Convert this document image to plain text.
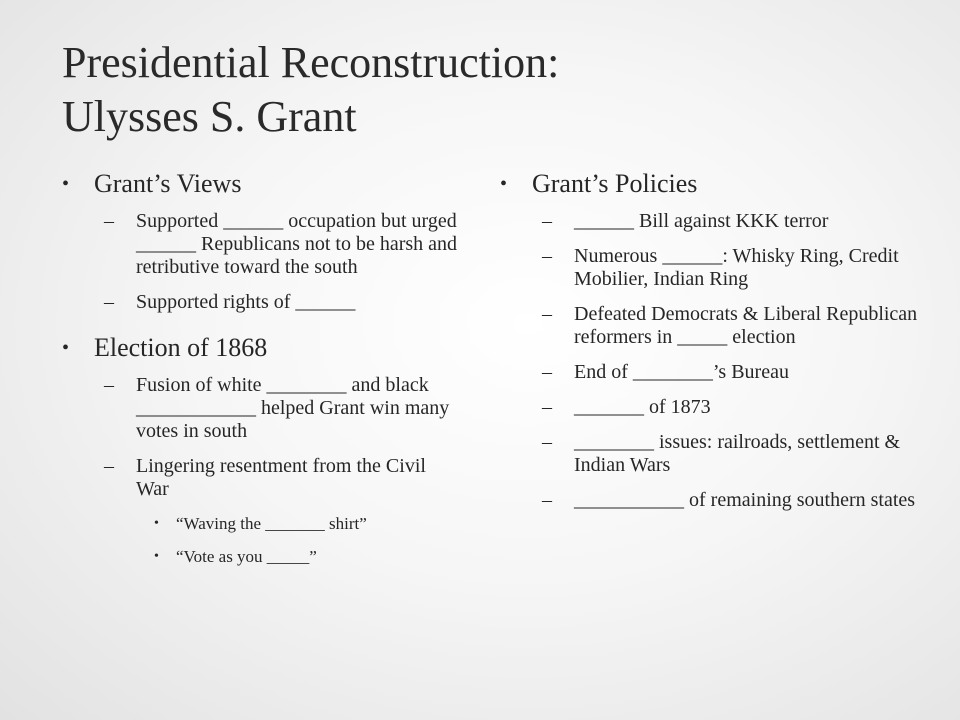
Presidential Reconstruction:
Ulysses S. Grant
• Grant’s Views
– Supported ______ occupation but urged ______ Republicans not to be harsh and retributive toward the south
– Supported rights of ______
• Election of 1868
– Fusion of white ________ and black ____________ helped Grant win many votes in south
– Lingering resentment from the Civil War
• “Waving the _______ shirt”
• “Vote as you _____”
• Grant’s Policies
– ______ Bill against KKK terror
– Numerous ______: Whisky Ring, Credit Mobilier, Indian Ring
– Defeated Democrats & Liberal Republican reformers in _____ election
– End of ________’s Bureau
– _______ of 1873
– ________ issues: railroads, settlement & Indian Wars
– ___________ of remaining southern states
